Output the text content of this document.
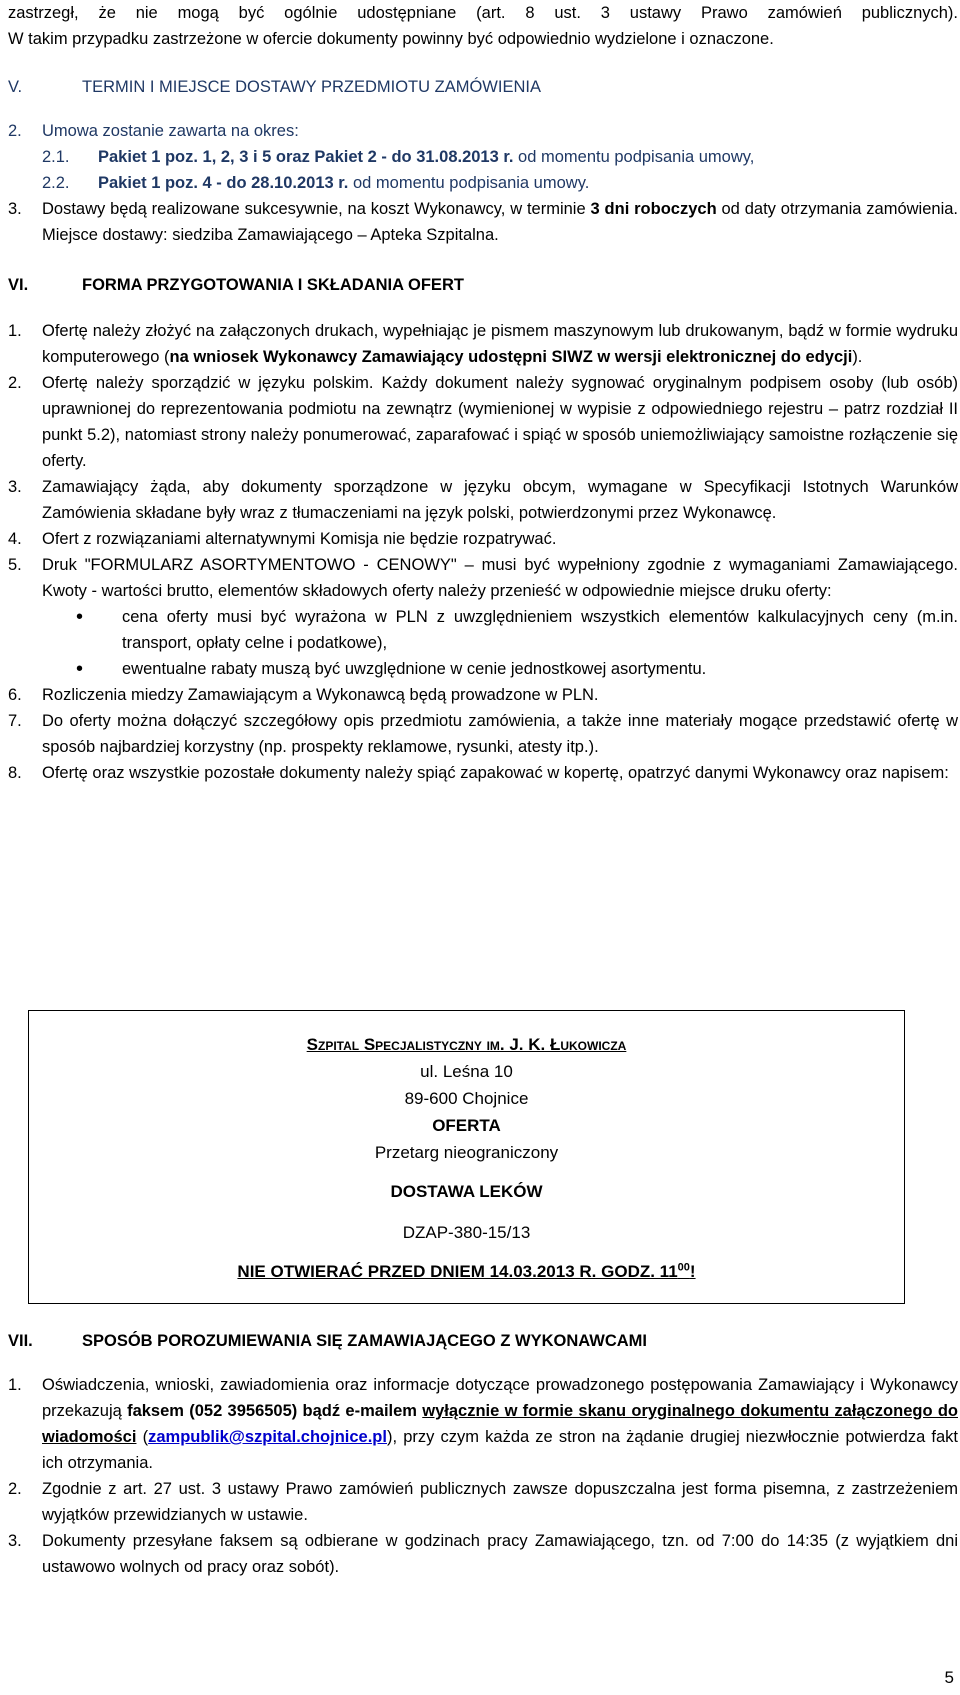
zastrzegł, że nie mogą być ogólnie udostępniane (art. 8 ust. 3 ustawy Prawo zamówień publicznych).

W takim przypadku zastrzeżone w ofercie dokumenty powinny być odpowiednio wydzielone i oznaczone.

V.	TERMIN I MIEJSCE DOSTAWY PRZEDMIOTU ZAMÓWIENIA
2.	Umowa zostanie zawarta na okres:
2.1.	Pakiet 1 poz. 1, 2, 3 i 5 oraz Pakiet 2 - do 31.08.2013 r. od momentu podpisania umowy,
2.2.	Pakiet 1 poz. 4 - do 28.10.2013 r. od momentu podpisania umowy.
3.	Dostawy będą realizowane sukcesywnie, na koszt Wykonawcy, w terminie 3 dni roboczych od daty otrzymania zamówienia. Miejsce dostawy: siedziba Zamawiającego – Apteka Szpitalna.
VI.	FORMA PRZYGOTOWANIA I SKŁADANIA OFERT
1.	Ofertę należy złożyć na załączonych drukach, wypełniając je pismem maszynowym lub drukowanym, bądź w formie wydruku komputerowego (na wniosek Wykonawcy Zamawiający udostępni SIWZ w wersji elektronicznej do edycji).
2.	Ofertę należy sporządzić w języku polskim. Każdy dokument należy sygnować oryginalnym podpisem osoby (lub osób) uprawnionej do reprezentowania podmiotu na zewnątrz (wymienionej w wypisie z odpowiedniego rejestru – patrz rozdział II punkt 5.2), natomiast strony należy ponumerować, zaparafować i spiąć w sposób uniemożliwiający samoistne rozłączenie się oferty.
3.	Zamawiający żąda, aby dokumenty sporządzone w języku obcym, wymagane w Specyfikacji Istotnych Warunków Zamówienia składane były wraz z tłumaczeniami na język polski, potwierdzonymi przez Wykonawcę.
4.	Ofert z rozwiązaniami alternatywnymi Komisja nie będzie rozpatrywać.
5.	Druk "FORMULARZ ASORTYMENTOWO - CENOWY" – musi być wypełniony zgodnie z wymaganiami Zamawiającego. Kwoty - wartości brutto, elementów składowych oferty należy przenieść w odpowiednie miejsce druku oferty:
•	cena oferty musi być wyrażona w PLN z uwzględnieniem wszystkich elementów kalkulacyjnych ceny (m.in. transport, opłaty celne i podatkowe),
•	ewentualne rabaty muszą być uwzględnione w cenie jednostkowej asortymentu.
6.	Rozliczenia miedzy Zamawiającym a Wykonawcą będą prowadzone w PLN.
7.	Do oferty można dołączyć szczegółowy opis przedmiotu zamówienia, a także inne materiały mogące przedstawić ofertę w sposób najbardziej korzystny (np. prospekty reklamowe, rysunki, atesty itp.).
8.	Ofertę oraz wszystkie pozostałe dokumenty należy spiąć zapakować w kopertę, opatrzyć danymi Wykonawcy oraz napisem:
Szpital Specjalistyczny im. J. K. Łukowicza
ul. Leśna 10
89-600 Chojnice
OFERTA
Przetarg nieograniczony
DOSTAWA LEKÓW
DZAP-380-15/13
NIE OTWIERAĆ PRZED DNIEM 14.03.2013 R. GODZ. $11^{00}$!
VII.	SPOSÓB POROZUMIEWANIA SIĘ ZAMAWIAJĄCEGO Z WYKONAWCAMI
5
1.	Oświadczenia, wnioski, zawiadomienia oraz informacje dotyczące prowadzonego postępowania Zamawiający i Wykonawcy przekazują faksem (052 3956505) bądź e-mailem wyłącznie w formie skanu oryginalnego dokumentu załączonego do wiadomości (zampublik@szpital.chojnice.pl), przy czym każda ze stron na żądanie drugiej niezwłocznie potwierdza fakt ich otrzymania.
2.	Zgodnie z art. 27 ust. 3 ustawy Prawo zamówień publicznych zawsze dopuszczalna jest forma pisemna, z zastrzeżeniem wyjątków przewidzianych w ustawie.
3.	Dokumenty przesyłane faksem są odbierane w godzinach pracy Zamawiającego, tzn. od 7:00 do 14:35 (z wyjątkiem dni ustawowo wolnych od pracy oraz sobót).
